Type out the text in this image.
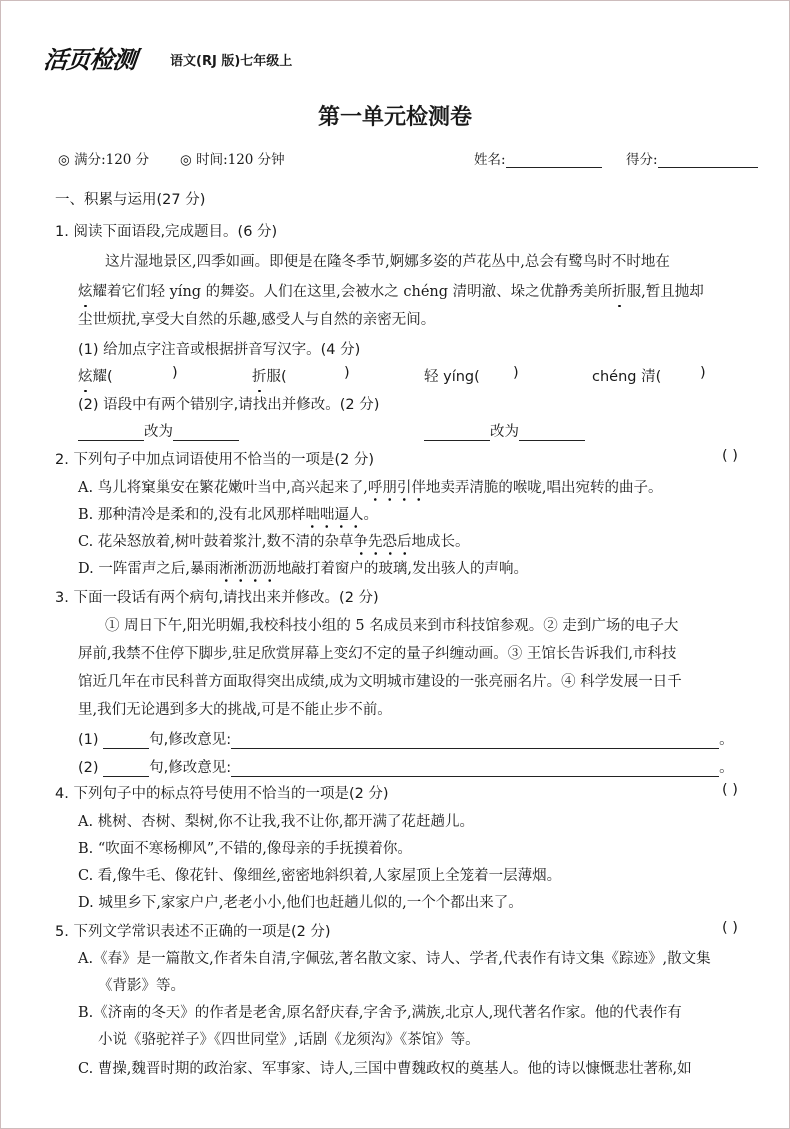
活页检测	语文(RJ 版)七年级上
第一单元检测卷
◎ 满分:120 分 ◎ 时间:120 分钟	姓名:	得分:
一、积累与运用(27 分)
1. 阅读下面语段,完成题目。(6 分)
这片湿地景区,四季如画。即便是在隆冬季节,婀娜多姿的芦花丛中,总会有鹭鸟时不时地在
炫耀着它们轻 yíng 的舞姿。人们在这里,会被水之 chéng 清明澈、垛之优静秀美所折服,暂且抛却
尘世烦扰,享受大自然的乐趣,感受人与自然的亲密无间。
(1) 给加点字注音或根据拼音写汉字。(4 分)
炫耀(	)	折服(	)	轻 yíng( )	chéng 清(	)
(2) 语段中有两个错别字,请找出并修改。(2 分)
改为	改为
2. 下列句子中加点词语使用不恰当的一项是(2 分)	( )
A. 鸟儿将窠巢安在繁花嫩叶当中,高兴起来了,呼朋引伴地卖弄清脆的喉咙,唱出宛转的曲子。
B. 那种清冷是柔和的,没有北风那样咄咄逼人。
C. 花朵怒放着,树叶鼓着浆汁,数不清的杂草争先恐后地成长。
D. 一阵雷声之后,暴雨淅淅沥沥地敲打着窗户的玻璃,发出骇人的声响。
3. 下面一段话有两个病句,请找出来并修改。(2 分)
① 周日下午,阳光明媚,我校科技小组的 5 名成员来到市科技馆参观。② 走到广场的电子大
屏前,我禁不住停下脚步,驻足欣赏屏幕上变幻不定的量子纠缠动画。③ 王馆长告诉我们,市科技
馆近几年在市民科普方面取得突出成绩,成为文明城市建设的一张亮丽名片。④ 科学发展一日千
里,我们无论遇到多大的挑战,可是不能止步不前。
(1)	句,修改意见:	。
(2)	句,修改意见:	。
4. 下列句子中的标点符号使用不恰当的一项是(2 分)	( )
A. 桃树、杏树、梨树,你不让我,我不让你,都开满了花赶趟儿。
B. “吹面不寒杨柳风”,不错的,像母亲的手抚摸着你。
C. 看,像牛毛、像花针、像细丝,密密地斜织着,人家屋顶上全笼着一层薄烟。
D. 城里乡下,家家户户,老老小小,他们也赶趟儿似的,一个个都出来了。
5. 下列文学常识表述不正确的一项是(2 分)	( )
A.《春》是一篇散文,作者朱自清,字佩弦,著名散文家、诗人、学者,代表作有诗文集《踪迹》,散文集
《背影》等。
B.《济南的冬天》的作者是老舍,原名舒庆春,字舍予,满族,北京人,现代著名作家。他的代表作有
小说《骆驼祥子》《四世同堂》,话剧《龙须沟》《茶馆》等。
C. 曹操,魏晋时期的政治家、军事家、诗人,三国中曹魏政权的奠基人。他的诗以慷慨悲壮著称,如
